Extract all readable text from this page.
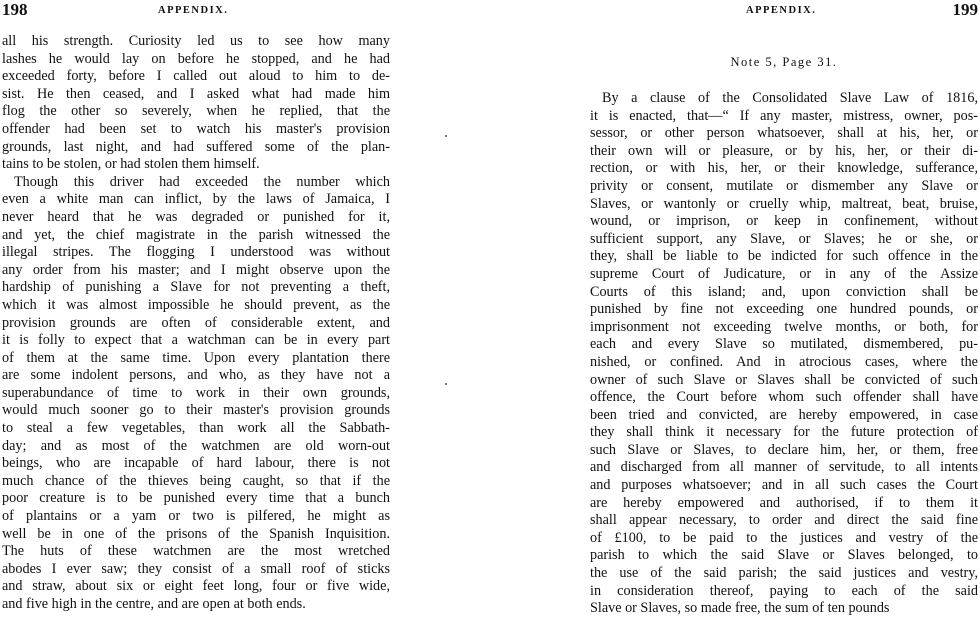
198	APPENDIX.
all his strength. Curiosity led us to see how many
lashes he would lay on before he stopped, and he had
exceeded forty, before I called out aloud to him to de-
sist. He then ceased, and I asked what had made him
flog the other so severely, when he replied, that the
offender had been set to watch his master's provision
grounds, last night, and had suffered some of the plan-
tains to be stolen, or had stolen them himself.
Though this driver had exceeded the number which
even a white man can inflict, by the laws of Jamaica, I
never heard that he was degraded or punished for it,
and yet, the chief magistrate in the parish witnessed the
illegal stripes. The flogging I understood was without
any order from his master; and I might observe upon the
hardship of punishing a Slave for not preventing a theft,
which it was almost impossible he should prevent, as the
provision grounds are often of considerable extent, and
it is folly to expect that a watchman can be in every part
of them at the same time. Upon every plantation there
are some indolent persons, and who, as they have not a
superabundance of time to work in their own grounds,
would much sooner go to their master's provision grounds
to steal a few vegetables, than work all the Sabbath-
day; and as most of the watchmen are old worn-out
beings, who are incapable of hard labour, there is not
much chance of the thieves being caught, so that if the
poor creature is to be punished every time that a bunch
of plantains or a yam or two is pilfered, he might as
well be in one of the prisons of the Spanish Inquisition.
The huts of these watchmen are the most wretched
abodes I ever saw; they consist of a small roof of sticks
and straw, about six or eight feet long, four or five wide,
and five high in the centre, and are open at both ends.
APPENDIX.	199
Note 5, Page 31.
By a clause of the Consolidated Slave Law of 1816,
it is enacted, that—“ If any master, mistress, owner, pos-
sessor, or other person whatsoever, shall at his, her, or
their own will or pleasure, or by his, her, or their di-
rection, or with his, her, or their knowledge, sufferance,
privity or consent, mutilate or dismember any Slave or
Slaves, or wantonly or cruelly whip, maltreat, beat, bruise,
wound, or imprison, or keep in confinement, without
sufficient support, any Slave, or Slaves; he or she, or
they, shall be liable to be indicted for such offence in the
supreme Court of Judicature, or in any of the Assize
Courts of this island; and, upon conviction shall be
punished by fine not exceeding one hundred pounds, or
imprisonment not exceeding twelve months, or both, for
each and every Slave so mutilated, dismembered, pu-
nished, or confined. And in atrocious cases, where the
owner of such Slave or Slaves shall be convicted of such
offence, the Court before whom such offender shall have
been tried and convicted, are hereby empowered, in case
they shall think it necessary for the future protection of
such Slave or Slaves, to declare him, her, or them, free
and discharged from all manner of servitude, to all intents
and purposes whatsoever; and in all such cases the Court
are hereby empowered and authorised, if to them it
shall appear necessary, to order and direct the said fine
of £100, to be paid to the justices and vestry of the
parish to which the said Slave or Slaves belonged, to
the use of the said parish; the said justices and vestry,
in consideration thereof, paying to each of the said
Slave or Slaves, so made free, the sum of ten pounds
